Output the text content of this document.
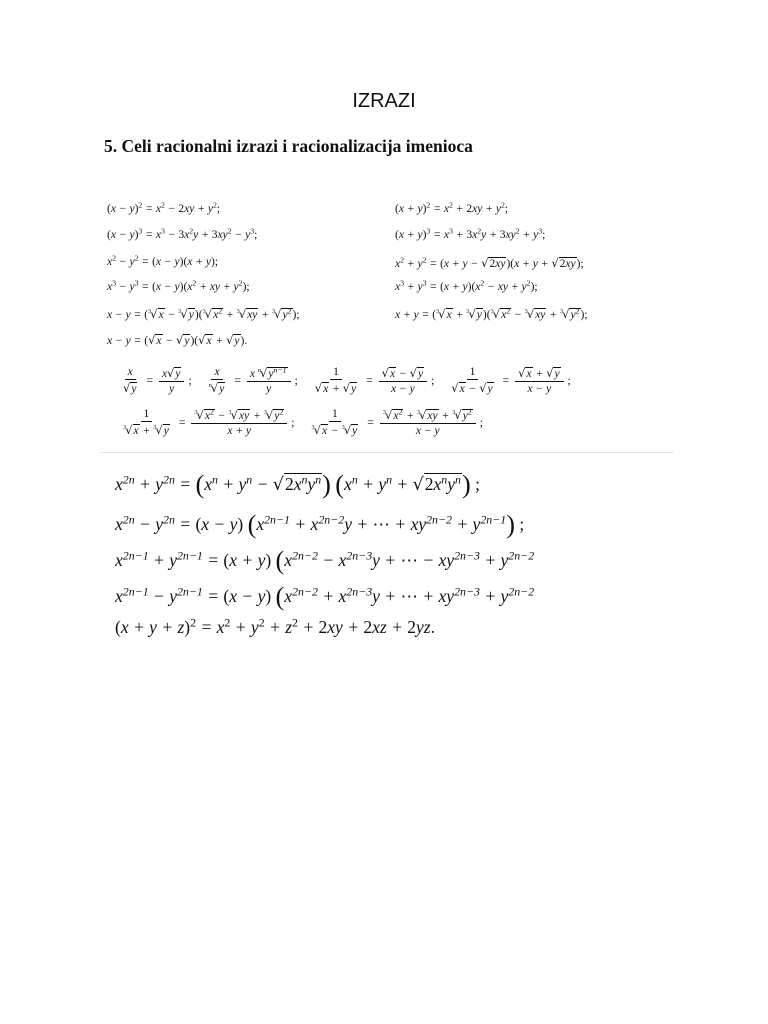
IZRAZI
5. Celi racionalni izrazi i racionalizacija imenioca
$(x - y)^2 = x^2 - 2xy + y^2$;
$(x - y)^3 = x^3 - 3x^2y + 3xy^2 - y^3$;
$x^2 - y^2 = (x - y)(x + y)$;
$x^3 - y^3 = (x - y)(x^2$ + xy + $y^2$);
$x - y = (^3√x - ^3√y)(^3√x^2 + ^3√xy + ^3√y^2)$;
x − y = (√x − √y)(√x + √y).
$(x + y)^2 = x^2 + 2xy + y^2$;
$(x + y)^3 = x^3 + 3x^2y + 3xy^2 + y^3$;
$x^2 + y^2 = (x + y - √2xy)(x + y + √2xy)$;
$x^3 + y^3 = (x + y)(x^2$ − xy + $y^2$);
$x + y = (^3√x + ^3√y)(^3√x^2 - ^3√xy + ^3√y^2)$;
$\frac{x}{√y} = \frac{x√y}{y}$ ; $\frac{x}{^n√y} = \frac{x ^n√y^{n-1}}{y}$ ; $\frac{1}{√x + √y} = \frac{√x - √y}{x - y}$ ; $\frac{1}{√x - √y} = \frac{√x + √y}{x - y}$ ;
$\frac{1}{^3√x + ^3√y} = \frac{^3√x^2 - ^3√xy + ^3√y^2}{x + y}$ ; $\frac{1}{^3√x - ^3√y} = \frac{^3√x^2 + ^3√xy + ^3√y^2}{x - y}$ ;
$x^{2n} + y^{2n} = (x^n + y^n - √2x^ny^n) (x^n + y^n + √2x^ny^n)$ ;
$x^{2n} - y^{2n} = (x - y) (x^{2n-1} + x^{2n-2}y$ + ⋯ + $xy^{2n-2} + y^{2n-1}$) ;
$x^{2n-1} + y^{2n-1} = (x + y) (x^{2n-2} - x^{2n-3}y$ + ⋯ − $xy^{2n-3} + y^{2n-2}$
$x^{2n-1} - y^{2n-1} = (x - y) (x^{2n-2} + x^{2n-3}y$ + ⋯ + $xy^{2n-3} + y^{2n-2}$
$(x + y + z)^2 = x^2 + y^2 + z^2 + 2xy + 2xz + 2yz$.
